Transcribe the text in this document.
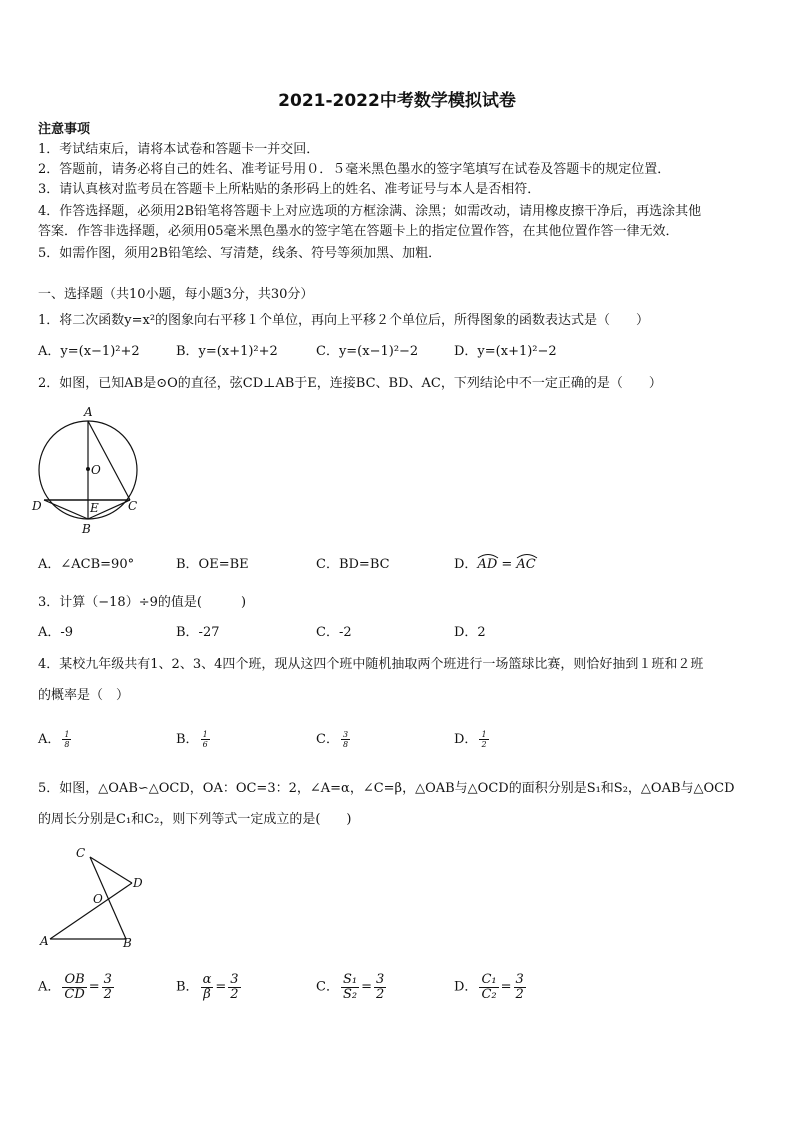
2021-2022中考数学模拟试卷
注意事项
1．考试结束后，请将本试卷和答题卡一并交回．
2．答题前，请务必将自己的姓名、准考证号用０．５毫米黑色墨水的签字笔填写在试卷及答题卡的规定位置．
3．请认真核对监考员在答题卡上所粘贴的条形码上的姓名、准考证号与本人是否相符．
4．作答选择题，必须用2B铅笔将答题卡上对应选项的方框涂满、涂黑；如需改动，请用橡皮擦干净后，再选涂其他
答案．作答非选择题，必须用05毫米黑色墨水的签字笔在答题卡上的指定位置作答，在其他位置作答一律无效．
5．如需作图，须用2B铅笔绘、写清楚，线条、符号等须加黑、加粗．
一、选择题（共10小题，每小题3分，共30分）
1．将二次函数y=x²的图象向右平移１个单位，再向上平移２个单位后，所得图象的函数表达式是（　　）
A．y=(x−1)²+2	B．y=(x+1)²+2	C．y=(x−1)²−2	D．y=(x+1)²−2
2．如图，已知AB是⊙O的直径，弦CD⊥AB于E，连接BC、BD、AC，下列结论中不一定正确的是（　　）
A
O
D	E C
B
A．∠ACB=90°	B．OE=BE	C．BD=BC	D．
AD =
AC
3．计算（−18）÷9的值是(　　　)
A．-9	B．-27	C．-2	D．2
4．某校九年级共有1、2、3、4四个班，现从这四个班中随机抽取两个班进行一场篮球比赛，则恰好抽到１班和２班
的概率是（　）
A． $\frac{1}{8}$	B． $\frac{1}{6}$	C． $\frac{3}{8}$	D． $\frac{1}{2}$
5．如图，△OAB∽△OCD，OA：OC=3：2，∠A=α，∠C=β，△OAB与△OCD的面积分别是S₁和S₂，△OAB与△OCD
的周长分别是C₁和C₂，则下列等式一定成立的是(　　)
C
D
O
A	B
A． $\frac{OB}{CD} = \frac{3}{2}$	B． $\frac{\alpha}{\beta} = \frac{3}{2}$	C． $\frac{\text{S₁}}{\text{S₂}} = \frac{3}{2}$	D． $\frac{\text{C₁}}{\text{C₂}} = \frac{3}{2}$
